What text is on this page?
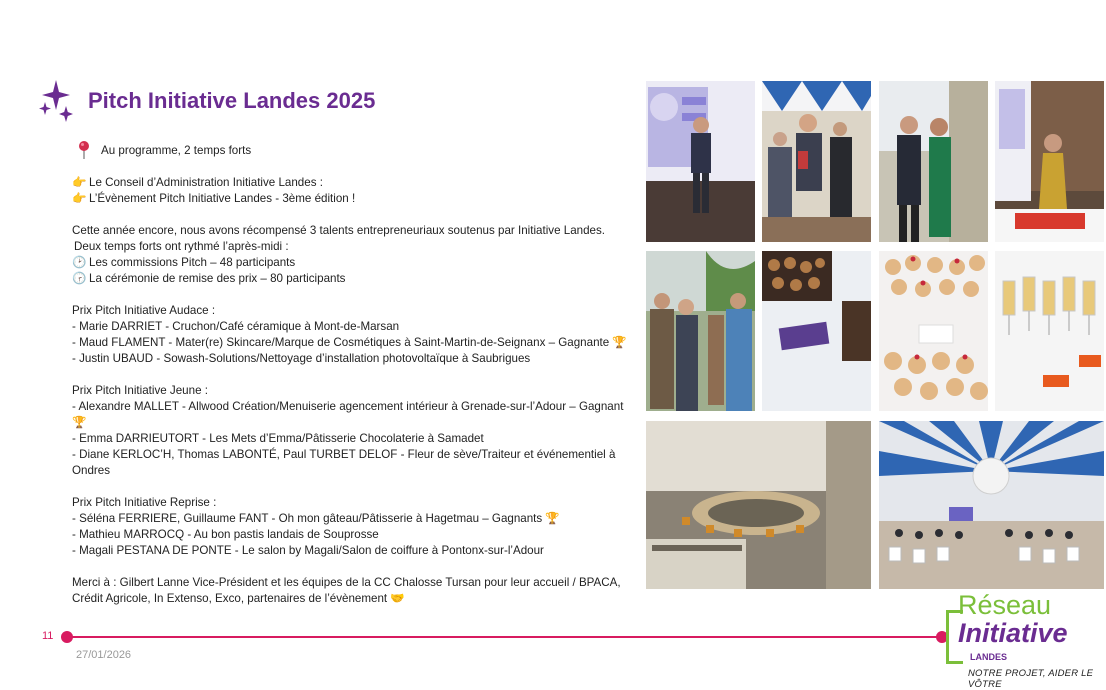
Pitch Initiative Landes 2025
Au programme, 2 temps forts
👉 Le Conseil d’Administration Initiative Landes :
👉 L’Évènement Pitch Initiative Landes - 3ème édition !
Cette année encore, nous avons récompensé 3 talents entrepreneuriaux soutenus par Initiative Landes.
Deux temps forts ont rythmé l’après-midi :
🕑 Les commissions Pitch – 48 participants
🕝 La cérémonie de remise des prix – 80 participants
Prix Pitch Initiative Audace :
- Marie DARRIET - Cruchon/Café céramique à Mont-de-Marsan
- Maud FLAMENT - Mater(re) Skincare/Marque de Cosmétiques à Saint-Martin-de-Seignanx – Gagnante 🏆
- Justin UBAUD - Sowash-Solutions/Nettoyage d’installation photovoltaïque à Saubrigues
Prix Pitch Initiative Jeune :
- Alexandre MALLET - Allwood Création/Menuiserie agencement intérieur à Grenade-sur-l’Adour – Gagnant 🏆
- Emma DARRIEUTORT - Les Mets d’Emma/Pâtisserie Chocolaterie à Samadet
- Diane KERLOC’H, Thomas LABONTÉ, Paul TURBET DELOF - Fleur de sève/Traiteur et événementiel à Ondres
Prix Pitch Initiative Reprise :
- Séléna FERRIERE, Guillaume FANT - Oh mon gâteau/Pâtisserie à Hagetmau – Gagnants 🏆
- Mathieu MARROCQ - Au bon pastis landais de Souprosse
- Magali PESTANA DE PONTE - Le salon by Magali/Salon de coiffure à Pontonx-sur-l’Adour
Merci à : Gilbert Lanne Vice-Président et les équipes de la CC Chalosse Tursan pour leur accueil / BPACA, Crédit Agricole, In Extenso, Exco, partenaires de l’évènement 🤝
11
27/01/2026
Réseau
Initiative
LANDES
NOTRE PROJET, AIDER LE VÔTRE
